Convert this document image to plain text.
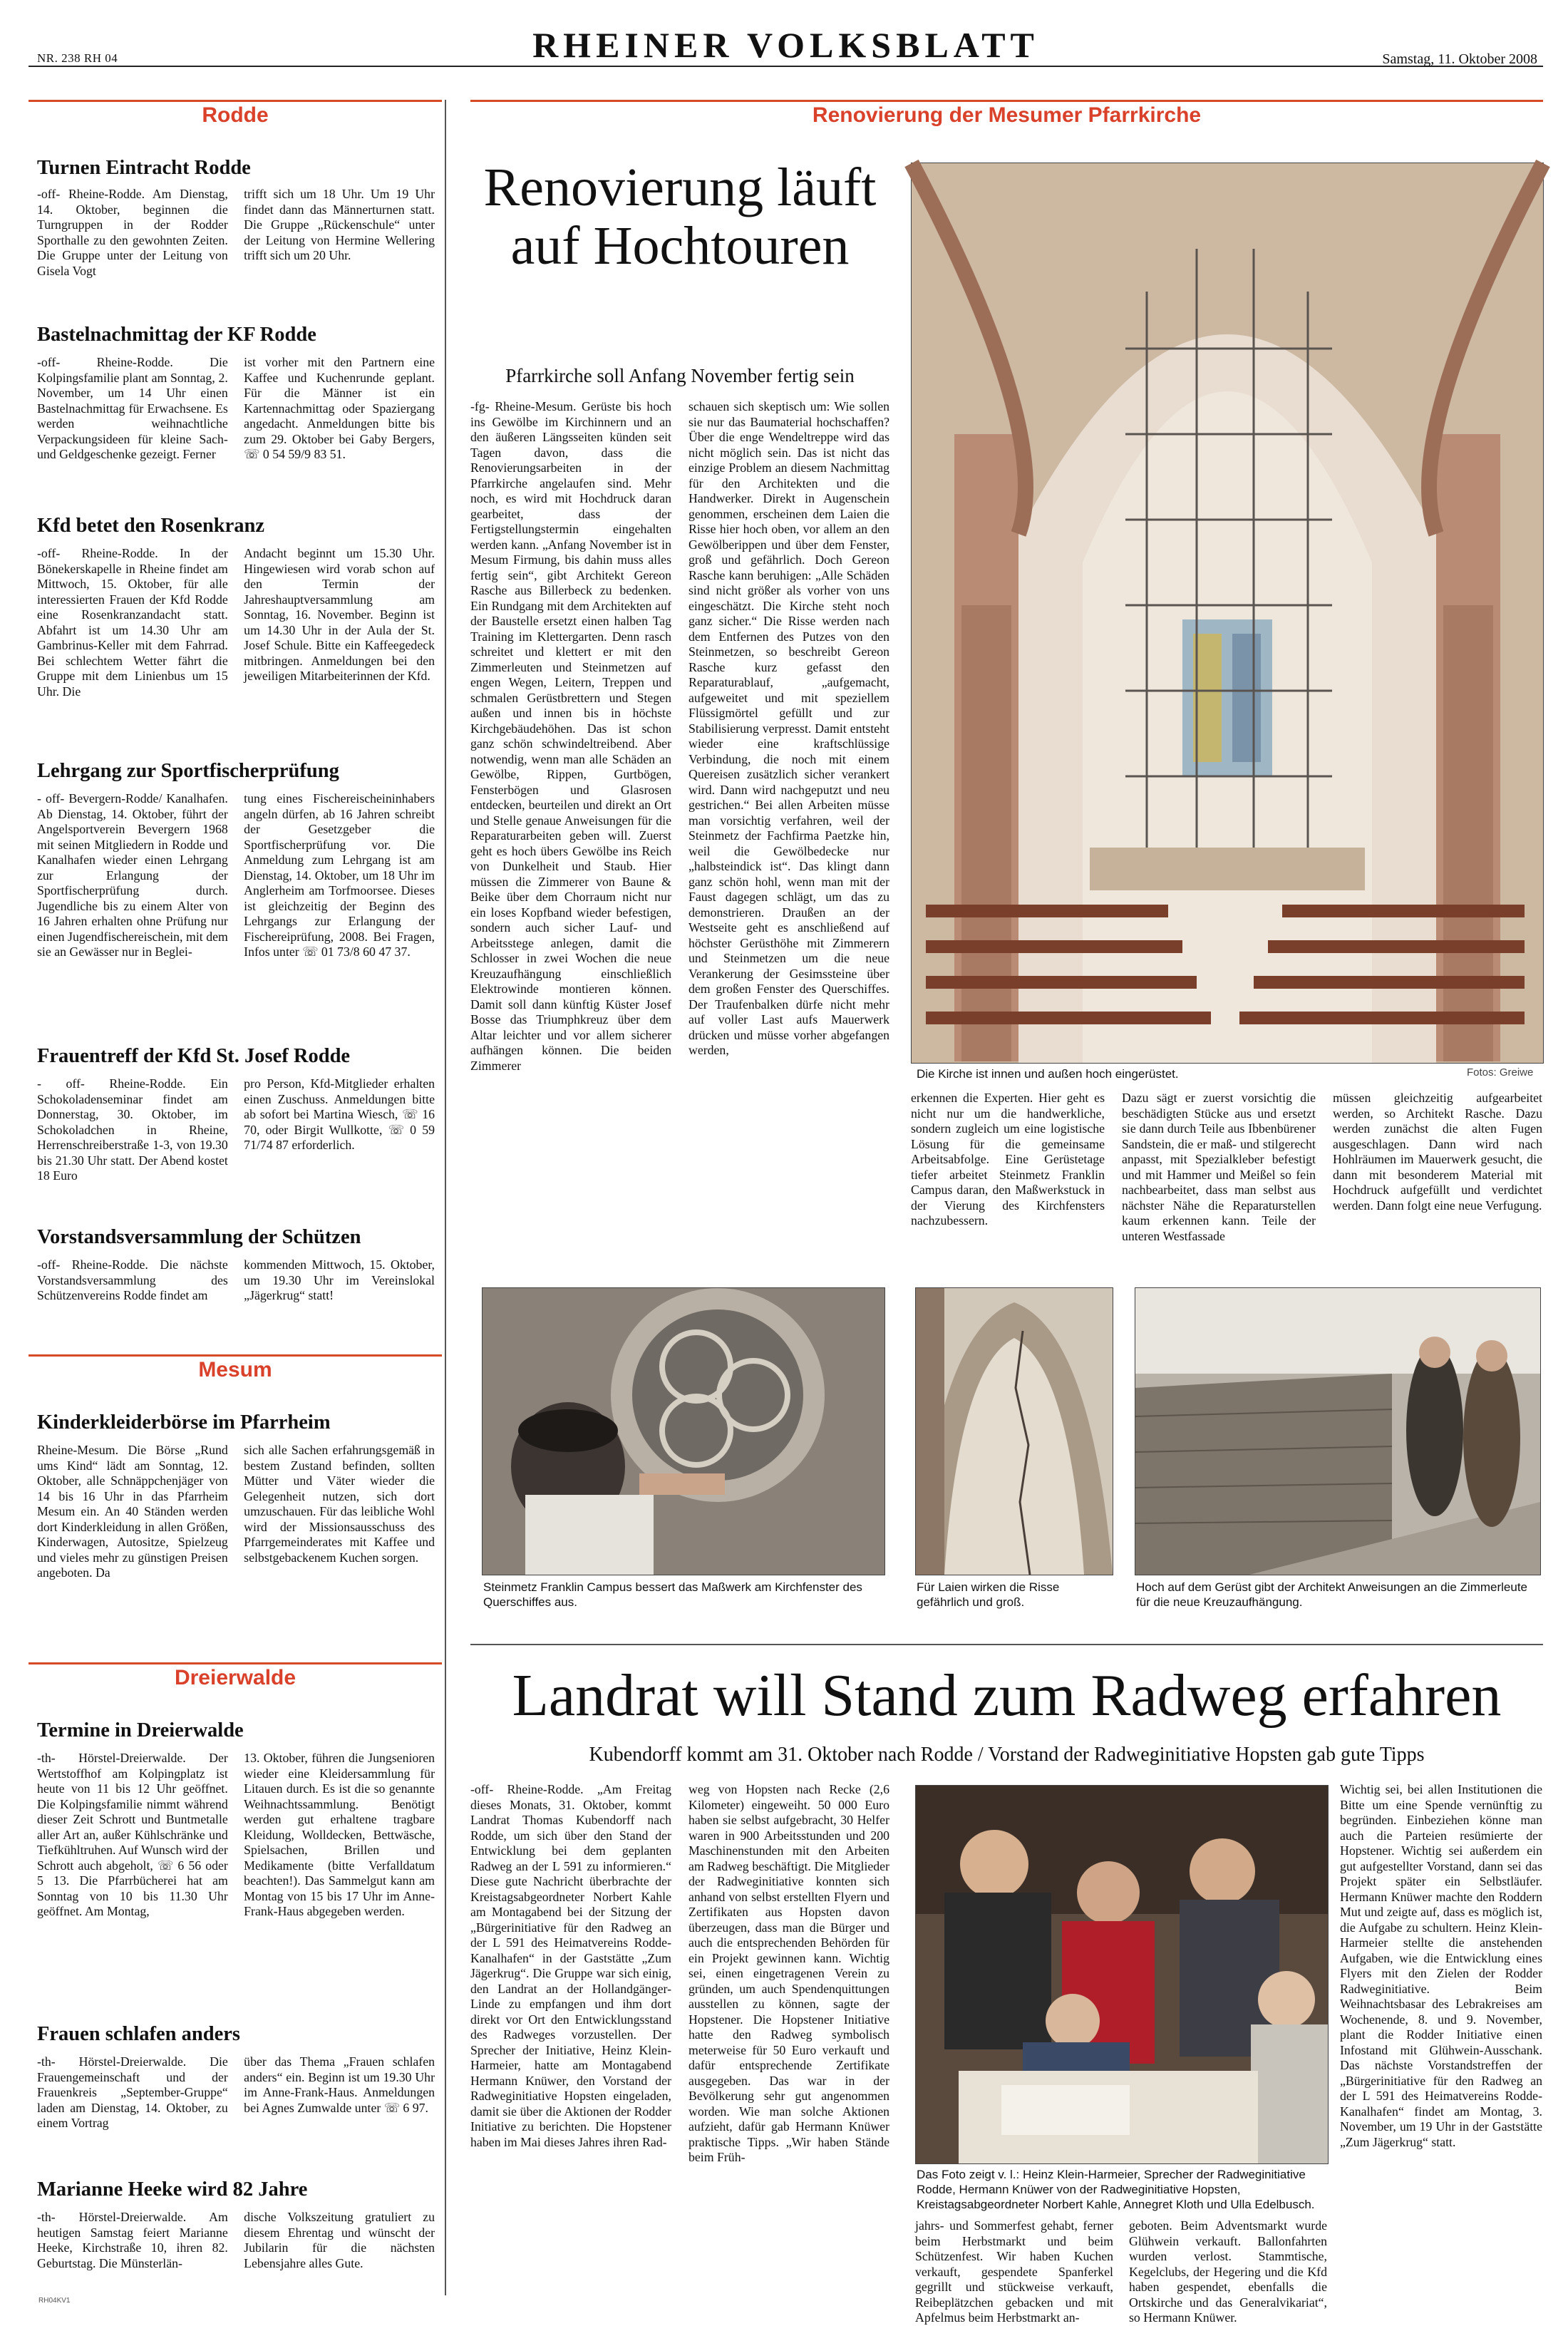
NR. 238 RH 04	RHEINER VOLKSBLATT	Samstag, 11. Oktober 2008
Rodde
Turnen Eintracht Rodde
-off- Rheine-Rodde. Am Dienstag, 14. Oktober, beginnen die Turngruppen in der Rodder Sporthalle zu den gewohnten Zeiten. Die Gruppe unter der Leitung von Gisela Vogt
trifft sich um 18 Uhr. Um 19 Uhr findet dann das Männerturnen statt. Die Gruppe „Rückenschule“ unter der Leitung von Hermine Wellering trifft sich um 20 Uhr.
Bastelnachmittag der KF Rodde
-off- Rheine-Rodde. Die Kolpingsfamilie plant am Sonntag, 2. November, um 14 Uhr einen Bastelnachmittag für Erwachsene. Es werden weihnachtliche Verpackungsideen für kleine Sach- und Geldgeschenke gezeigt. Ferner
ist vorher mit den Partnern eine Kaffee und Kuchenrunde geplant. Für die Männer ist ein Kartennachmittag oder Spaziergang angedacht. Anmeldungen bitte bis zum 29. Oktober bei Gaby Bergers, ☏ 0 54 59/9 83 51.
Kfd betet den Rosenkranz
-off- Rheine-Rodde. In der Bönekerskapelle in Rheine findet am Mittwoch, 15. Oktober, für alle interessierten Frauen der Kfd Rodde eine Rosenkranzandacht statt. Abfahrt ist um 14.30 Uhr am Gambrinus-Keller mit dem Fahrrad. Bei schlechtem Wetter fährt die Gruppe mit dem Linienbus um 15 Uhr. Die
Andacht beginnt um 15.30 Uhr. Hingewiesen wird vorab schon auf den Termin der Jahreshauptversammlung am Sonntag, 16. November. Beginn ist um 14.30 Uhr in der Aula der St. Josef Schule. Bitte ein Kaffeegedeck mitbringen. Anmeldungen bei den jeweiligen Mitarbeiterinnen der Kfd.
Lehrgang zur Sportfischerprüfung
- off- Bevergern-Rodde/ Kanalhafen. Ab Dienstag, 14. Oktober, führt der Angelsportverein Bevergern 1968 mit seinen Mitgliedern in Rodde und Kanalhafen wieder einen Lehrgang zur Erlangung der Sportfischerprüfung durch. Jugendliche bis zu einem Alter von 16 Jahren erhalten ohne Prüfung nur einen Jugendfischereischein, mit dem sie an Gewässer nur in Beglei-
tung eines Fischereischeininhabers angeln dürfen, ab 16 Jahren schreibt der Gesetzgeber die Sportfischerprüfung vor. Die Anmeldung zum Lehrgang ist am Dienstag, 14. Oktober, um 18 Uhr im Anglerheim am Torfmoorsee. Dieses ist gleichzeitig der Beginn des Lehrgangs zur Erlangung der Fischereiprüfung, 2008. Bei Fragen, Infos unter ☏ 01 73/8 60 47 37.
Frauentreff der Kfd St. Josef Rodde
- off- Rheine-Rodde. Ein Schokoladenseminar findet am Donnerstag, 30. Oktober, im Schokoladchen in Rheine, Herrenschreiberstraße 1-3, von 19.30 bis 21.30 Uhr statt. Der Abend kostet 18 Euro
pro Person, Kfd-Mitglieder erhalten einen Zuschuss. Anmeldungen bitte ab sofort bei Martina Wiesch, ☏ 16 70, oder Birgit Wullkotte, ☏ 0 59 71/74 87 erforderlich.
Vorstandsversammlung der Schützen
-off- Rheine-Rodde. Die nächste Vorstandsversammlung des Schützenvereins Rodde findet am
kommenden Mittwoch, 15. Oktober, um 19.30 Uhr im Vereinslokal „Jägerkrug“ statt!
Mesum
Kinderkleiderbörse im Pfarrheim
Rheine-Mesum. Die Börse „Rund ums Kind“ lädt am Sonntag, 12. Oktober, alle Schnäppchenjäger von 14 bis 16 Uhr in das Pfarrheim Mesum ein. An 40 Ständen werden dort Kinderkleidung in allen Größen, Kinderwagen, Autositze, Spielzeug und vieles mehr zu günstigen Preisen angeboten. Da
sich alle Sachen erfahrungsgemäß in bestem Zustand befinden, sollten Mütter und Väter wieder die Gelegenheit nutzen, sich dort umzuschauen. Für das leibliche Wohl wird der Missionsausschuss des Pfarrgemeinderates mit Kaffee und selbstgebackenem Kuchen sorgen.
Dreierwalde
Termine in Dreierwalde
-th- Hörstel-Dreierwalde. Der Wertstoffhof am Kolpingplatz ist heute von 11 bis 12 Uhr geöffnet. Die Kolpingsfamilie nimmt während dieser Zeit Schrott und Buntmetalle aller Art an, außer Kühlschränke und Tiefkühltruhen. Auf Wunsch wird der Schrott auch abgeholt, ☏ 6 56 oder 5 13. Die Pfarrbücherei hat am Sonntag von 10 bis 11.30 Uhr geöffnet. Am Montag,
13. Oktober, führen die Jungsenioren wieder eine Kleidersammlung für Litauen durch. Es ist die so genannte Weihnachtssammlung. Benötigt werden gut erhaltene tragbare Kleidung, Wolldecken, Bettwäsche, Spielsachen, Brillen und Medikamente (bitte Verfalldatum beachten!). Das Sammelgut kann am Montag von 15 bis 17 Uhr im Anne-Frank-Haus abgegeben werden.
Frauen schlafen anders
-th- Hörstel-Dreierwalde. Die Frauengemeinschaft und der Frauenkreis „September-Gruppe“ laden am Dienstag, 14. Oktober, zu einem Vortrag
über das Thema „Frauen schlafen anders“ ein. Beginn ist um 19.30 Uhr im Anne-Frank-Haus. Anmeldungen bei Agnes Zumwalde unter ☏ 6 97.
Marianne Heeke wird 82 Jahre
-th- Hörstel-Dreierwalde. Am heutigen Samstag feiert Marianne Heeke, Kirchstraße 10, ihren 82. Geburtstag. Die Münsterlän-
dische Volkszeitung gratuliert zu diesem Ehrentag und wünscht der Jubilarin für die nächsten Lebensjahre alles Gute.
RH04KV1
Renovierung der Mesumer Pfarrkirche
Renovierung läuft auf Hochtouren
Pfarrkirche soll Anfang November fertig sein
-fg- Rheine-Mesum. Gerüste bis hoch ins Gewölbe im Kirchinnern und an den äußeren Längsseiten künden seit Tagen davon, dass die Renovierungsarbeiten in der Pfarrkirche angelaufen sind. Mehr noch, es wird mit Hochdruck daran gearbeitet, dass der Fertigstellungstermin eingehalten werden kann. „Anfang November ist in Mesum Firmung, bis dahin muss alles fertig sein“, gibt Architekt Gereon Rasche aus Billerbeck zu bedenken. Ein Rundgang mit dem Architekten auf der Baustelle ersetzt einen halben Tag Training im Klettergarten. Denn rasch schreitet und klettert er mit den Zimmerleuten und Steinmetzen auf engen Wegen, Leitern, Treppen und schmalen Gerüstbrettern und Stegen außen und innen bis in höchste Kirchgebäudehöhen. Das ist schon ganz schön schwindeltreibend. Aber notwendig, wenn man alle Schäden an Gewölbe, Rippen, Gurtbögen, Fensterbögen und Glasrosen entdecken, beurteilen und direkt an Ort und Stelle genaue Anweisungen für die Reparaturarbeiten geben will. Zuerst geht es hoch übers Gewölbe ins Reich von Dunkelheit und Staub. Hier müssen die Zimmerer von Baune & Beike über dem Chorraum nicht nur ein loses Kopfband wieder befestigen, sondern auch sicher Lauf- und Arbeitsstege anlegen, damit die Schlosser in zwei Wochen die neue Kreuzaufhängung einschließlich Elektrowinde montieren können. Damit soll dann künftig Küster Josef Bosse das Triumphkreuz über dem Altar leichter und vor allem sicherer aufhängen können. Die beiden Zimmerer
schauen sich skeptisch um: Wie sollen sie nur das Baumaterial hochschaffen? Über die enge Wendeltreppe wird das nicht möglich sein. Das ist nicht das einzige Problem an diesem Nachmittag für den Architekten und die Handwerker. Direkt in Augenschein genommen, erscheinen dem Laien die Risse hier hoch oben, vor allem an den Gewölberippen und über dem Fenster, groß und gefährlich. Doch Gereon Rasche kann beruhigen: „Alle Schäden sind nicht größer als vorher von uns eingeschätzt. Die Kirche steht noch ganz sicher.“ Die Risse werden nach dem Entfernen des Putzes von den Steinmetzen, so beschreibt Gereon Rasche kurz gefasst den Reparaturablauf, „aufgemacht, aufgeweitet und mit speziellem Flüssigmörtel gefüllt und zur Stabilisierung verpresst. Damit entsteht wieder eine kraftschlüssige Verbindung, die noch mit einem Quereisen zusätzlich sicher verankert wird. Dann wird nachgeputzt und neu gestrichen.“ Bei allen Arbeiten müsse man vorsichtig verfahren, weil der Steinmetz der Fachfirma Paetzke hin, weil die Gewölbedecke nur „halbsteindick ist“. Das klingt dann ganz schön hohl, wenn man mit der Faust dagegen schlägt, um das zu demonstrieren. Draußen an der Westseite geht es anschließend auf höchster Gerüsthöhe mit Zimmerern und Steinmetzen um die neue Verankerung der Gesimssteine über dem großen Fenster des Querschiffes. Der Traufenbalken dürfe nicht mehr auf voller Last aufs Mauerwerk drücken und müsse vorher abgefangen werden,
Die Kirche ist innen und außen hoch eingerüstet.	Fotos: Greiwe
erkennen die Experten. Hier geht es nicht nur um die handwerkliche, sondern zugleich um eine logistische Lösung für die gemeinsame Arbeitsabfolge. Eine Gerüstetage tiefer arbeitet Steinmetz Franklin Campus daran, den Maßwerkstuck in der Vierung des Kirchfensters nachzubessern.
Dazu sägt er zuerst vorsichtig die beschädigten Stücke aus und ersetzt sie dann durch Teile aus Ibbenbürener Sandstein, die er maß- und stilgerecht anpasst, mit Spezialkleber befestigt und mit Hammer und Meißel so fein nachbearbeitet, dass man selbst aus nächster Nähe die Reparaturstellen kaum erkennen kann. Teile der unteren Westfassade
müssen gleichzeitig aufgearbeitet werden, so Architekt Rasche. Dazu werden zunächst die alten Fugen ausgeschlagen. Dann wird nach Hohlräumen im Mauerwerk gesucht, die dann mit besonderem Material mit Hochdruck aufgefüllt und verdichtet werden. Dann folgt eine neue Verfugung.
Steinmetz Franklin Campus bessert das Maßwerk am Kirchfenster des Querschiffes aus.
Für Laien wirken die Risse gefährlich und groß.
Hoch auf dem Gerüst gibt der Architekt Anweisungen an die Zimmerleute für die neue Kreuzaufhängung.
Landrat will Stand zum Radweg erfahren
Kubendorff kommt am 31. Oktober nach Rodde / Vorstand der Radweginitiative Hopsten gab gute Tipps
-off- Rheine-Rodde. „Am Freitag dieses Monats, 31. Oktober, kommt Landrat Thomas Kubendorff nach Rodde, um sich über den Stand der Entwicklung bei dem geplanten Radweg an der L 591 zu informieren.“ Diese gute Nachricht überbrachte der Kreistagsabgeordneter Norbert Kahle am Montagabend bei der Sitzung der „Bürgerinitiative für den Radweg an der L 591 des Heimatvereins Rodde-Kanalhafen“ in der Gaststätte „Zum Jägerkrug“. Die Gruppe war sich einig, den Landrat an der Hollandgänger-Linde zu empfangen und ihm dort direkt vor Ort den Entwicklungsstand des Radweges vorzustellen. Der Sprecher der Initiative, Heinz Klein-Harmeier, hatte am Montagabend Hermann Knüwer, den Vorstand der Radweginitiative Hopsten eingeladen, damit sie über die Aktionen der Rodder Initiative zu berichten. Die Hopstener haben im Mai dieses Jahres ihren Rad-
weg von Hopsten nach Recke (2,6 Kilometer) eingeweiht. 50 000 Euro haben sie selbst aufgebracht, 30 Helfer waren in 900 Arbeitsstunden und 200 Maschinenstunden mit den Arbeiten am Radweg beschäftigt. Die Mitglieder der Radweginitiative konnten sich anhand von selbst erstellten Flyern und Zertifikaten aus Hopsten davon überzeugen, dass man die Bürger und auch die entsprechenden Behörden für ein Projekt gewinnen kann. Wichtig sei, einen eingetragenen Verein zu gründen, um auch Spendenquittungen ausstellen zu können, sagte der Hopstener. Die Hopstener Initiative hatte den Radweg symbolisch meterweise für 50 Euro verkauft und dafür entsprechende Zertifikate ausgegeben. Das war in der Bevölkerung sehr gut angenommen worden. Wie man solche Aktionen aufzieht, dafür gab Hermann Knüwer praktische Tipps. „Wir haben Stände beim Früh-
Das Foto zeigt v. l.: Heinz Klein-Harmeier, Sprecher der Radweginitiative Rodde, Hermann Knüwer von der Radweginitiative Hopsten, Kreistagsabgeordneter Norbert Kahle, Annegret Kloth und Ulla Edelbusch.
jahrs- und Sommerfest gehabt, ferner beim Herbstmarkt und beim Schützenfest. Wir haben Kuchen verkauft, gespendete Spanferkel gegrillt und stückweise verkauft, Reibeplätzchen gebacken und mit Apfelmus beim Herbstmarkt an-
geboten. Beim Adventsmarkt wurde Glühwein verkauft. Ballonfahrten wurden verlost. Stammtische, Kegelclubs, der Hegering und die Kfd haben gespendet, ebenfalls die Ortskirche und das Generalvikariat“, so Hermann Knüwer.
Wichtig sei, bei allen Institutionen die Bitte um eine Spende vernünftig zu begründen. Einbeziehen könne man auch die Parteien resümierte der Hopstener. Wichtig sei außerdem ein gut aufgestellter Vorstand, dann sei das Projekt später ein Selbstläufer. Hermann Knüwer machte den Roddern Mut und zeigte auf, dass es möglich ist, die Aufgabe zu schultern. Heinz Klein-Harmeier stellte die anstehenden Aufgaben, wie die Entwicklung eines Flyers mit den Zielen der Rodder Radweginitiative. Beim Weihnachtsbasar des Lebrakreises am Wochenende, 8. und 9. November, plant die Rodder Initiative einen Infostand mit Glühwein-Ausschank. Das nächste Vorstandstreffen der „Bürgerinitiative für den Radweg an der L 591 des Heimatvereins Rodde-Kanalhafen“ findet am Montag, 3. November, um 19 Uhr in der Gaststätte „Zum Jägerkrug“ statt.
